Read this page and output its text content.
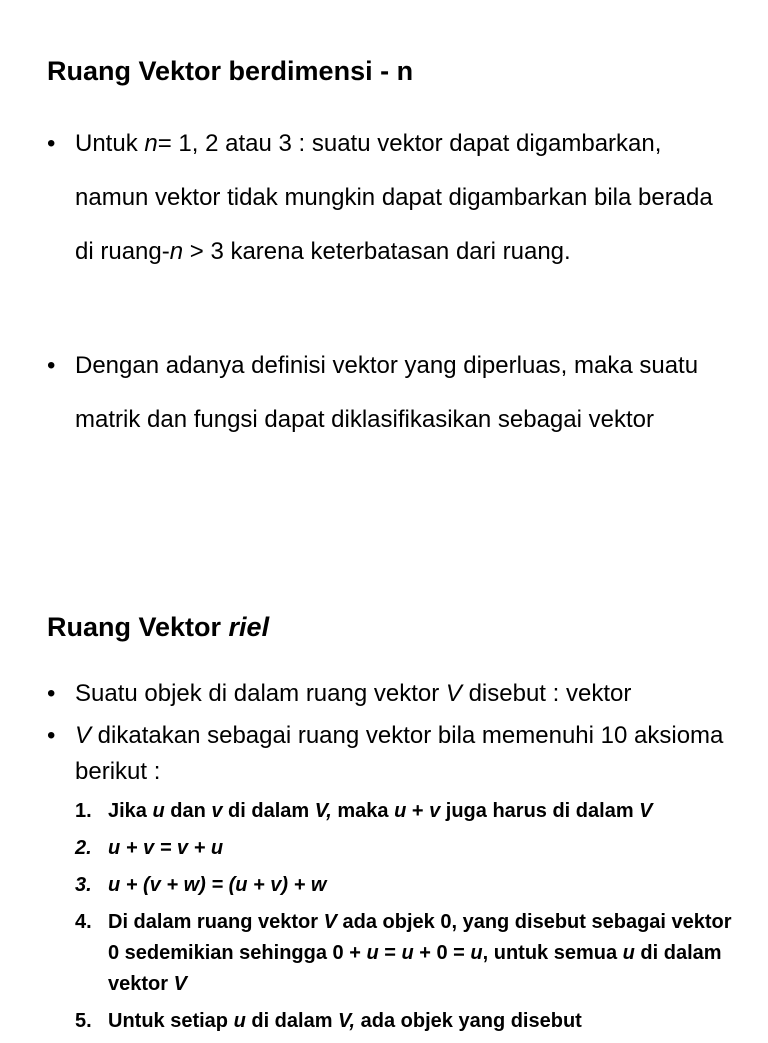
Ruang Vektor berdimensi - n
• Untuk n= 1, 2 atau 3 : suatu vektor dapat digambarkan, namun vektor tidak mungkin dapat digambarkan bila berada di ruang-n > 3 karena keterbatasan dari ruang.
• Dengan adanya definisi vektor yang diperluas, maka suatu matrik dan fungsi dapat diklasifikasikan sebagai vektor
Ruang Vektor riel
• Suatu objek di dalam ruang vektor V disebut : vektor
• V dikatakan sebagai ruang vektor bila memenuhi 10 aksioma berikut :
1. Jika u dan v di dalam V, maka u + v juga harus di dalam V
2. u + v = v + u
3. u + (v + w) = (u + v) + w
4. Di dalam ruang vektor V ada objek 0, yang disebut sebagai vektor 0 sedemikian sehingga 0 + u = u + 0 = u, untuk semua u di dalam vektor V
5. Untuk setiap u di dalam V, ada objek yang disebut
